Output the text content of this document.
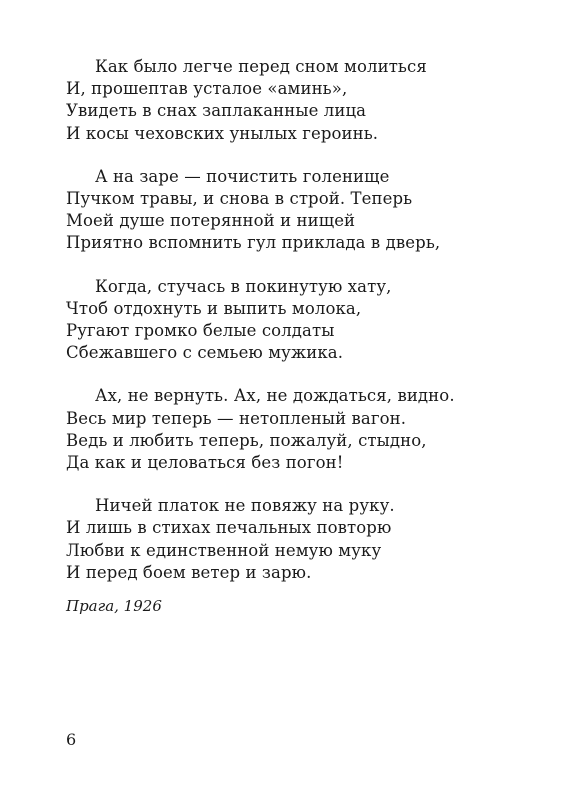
Как было легче перед сном молиться
И, прошептав усталое «аминь»,
Увидеть в снах заплаканные лица
И косы чеховских унылых героинь.
А на заре — почистить голенище
Пучком травы, и снова в строй. Теперь
Моей душе потерянной и нищей
Приятно вспомнить гул приклада в дверь,
Когда, стучась в покинутую хату,
Чтоб отдохнуть и выпить молока,
Ругают громко белые солдаты
Сбежавшего с семьею мужика.
Ах, не вернуть. Ах, не дождаться, видно.
Весь мир теперь — нетопленый вагон.
Ведь и любить теперь, пожалуй, стыдно,
Да как и целоваться без погон!
Ничей платок не повяжу на руку.
И лишь в стихах печальных повторю
Любви к единственной немую муку
И перед боем ветер и зарю.
Прага, 1926
6
